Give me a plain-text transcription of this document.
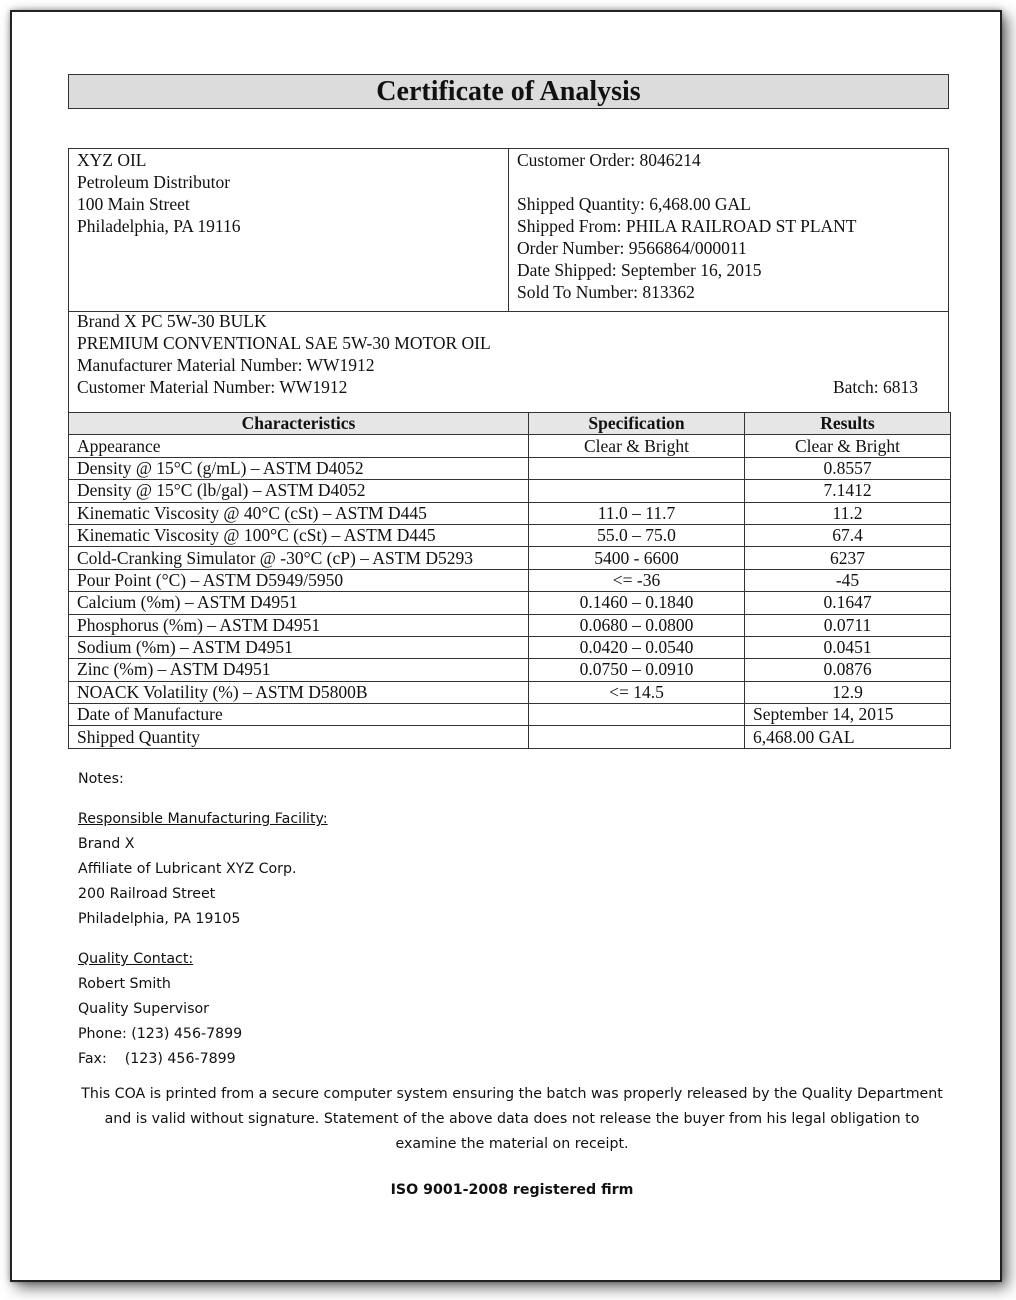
Certificate of Analysis
XYZ OIL
Petroleum Distributor
100 Main Street
Philadelphia, PA 19116
Customer Order: 8046214
Shipped Quantity: 6,468.00 GAL
Shipped From: PHILA RAILROAD ST PLANT
Order Number: 9566864/000011
Date Shipped: September 16, 2015
Sold To Number: 813362
Brand X PC 5W-30 BULK
PREMIUM CONVENTIONAL SAE 5W-30 MOTOR OIL
Manufacturer Material Number: WW1912
Customer Material Number: WW1912	Batch: 6813
Characteristics	Specification	Results
Appearance	Clear & Bright	Clear & Bright
Density @ 15°C (g/mL) – ASTM D4052		0.8557
Density @ 15°C (lb/gal) – ASTM D4052		7.1412
Kinematic Viscosity @ 40°C (cSt) – ASTM D445	11.0 – 11.7	11.2
Kinematic Viscosity @ 100°C (cSt) – ASTM D445	55.0 – 75.0	67.4
Cold-Cranking Simulator @ -30°C (cP) – ASTM D5293	5400 - 6600	6237
Pour Point (°C) – ASTM D5949/5950	<= -36	-45
Calcium (%m) – ASTM D4951	0.1460 – 0.1840	0.1647
Phosphorus (%m) – ASTM D4951	0.0680 – 0.0800	0.0711
Sodium (%m) – ASTM D4951	0.0420 – 0.0540	0.0451
Zinc (%m) – ASTM D4951	0.0750 – 0.0910	0.0876
NOACK Volatility (%) – ASTM D5800B	<= 14.5	12.9
Date of Manufacture		September 14, 2015
Shipped Quantity		6,468.00 GAL
Notes:
Responsible Manufacturing Facility:
Brand X
Affiliate of Lubricant XYZ Corp.
200 Railroad Street
Philadelphia, PA 19105
Quality Contact:
Robert Smith
Quality Supervisor
Phone: (123) 456-7899
Fax: (123) 456-7899
This COA is printed from a secure computer system ensuring the batch was properly released by the Quality Department and is valid without signature. Statement of the above data does not release the buyer from his legal obligation to examine the material on receipt.
ISO 9001-2008 registered firm
